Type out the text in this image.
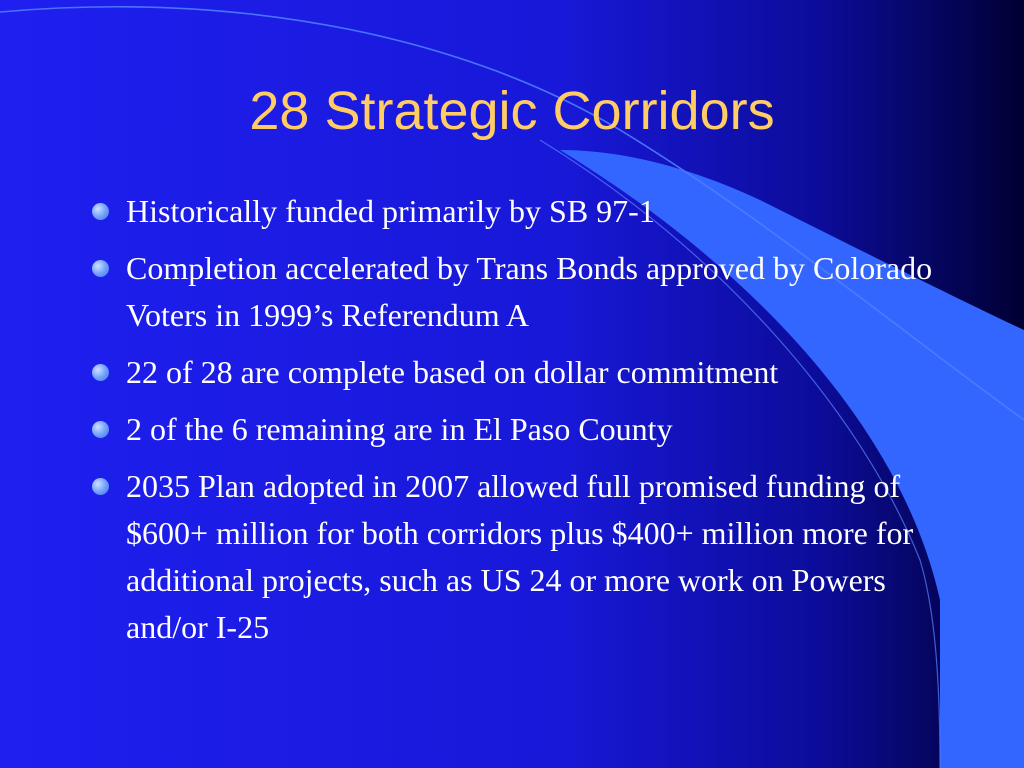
28 Strategic Corridors
Historically funded primarily by SB 97-1
Completion accelerated by Trans Bonds approved by Colorado Voters in 1999’s Referendum A
22 of 28 are complete based on dollar commitment
2 of the 6 remaining are in El Paso County
2035 Plan adopted in 2007 allowed full promised funding of $600+ million for both corridors plus $400+ million more for additional projects, such as US 24 or more work on Powers and/or I-25
